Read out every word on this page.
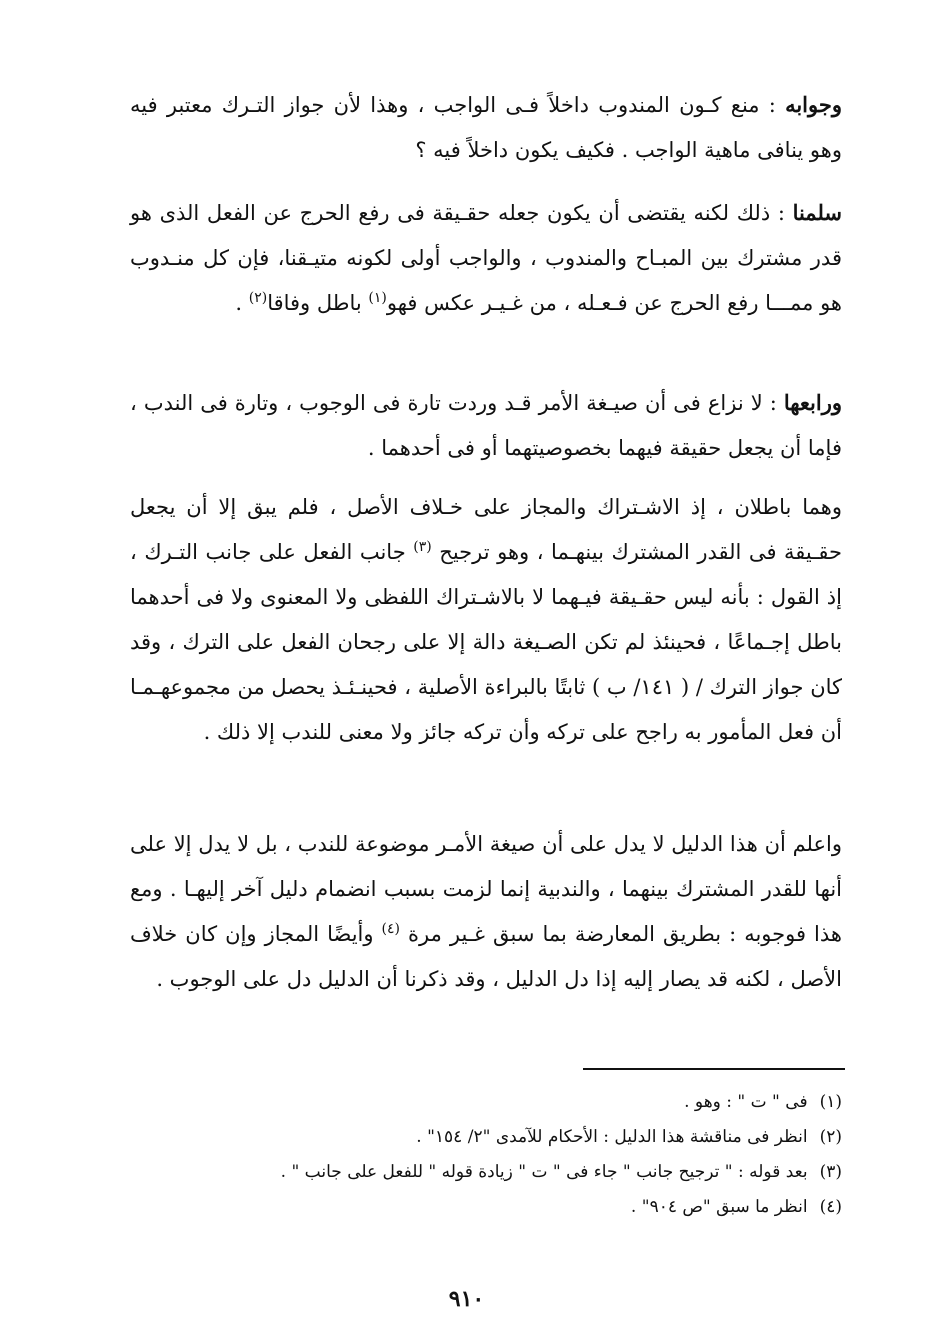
وجوابه : منع كـون المندوب داخلاً فـى الواجب ، وهذا لأن جواز التـرك معتبر فيه وهو ينافى ماهية الواجب . فكيف يكون داخلاً فيه ؟

سلمنا : ذلك لكنه يقتضى أن يكون جعله حقـيقة فى رفع الحرج عن الفعل الذى هو قدر مشترك بين المبـاح والمندوب ، والواجب أولى لكونه متيـقنا، فإن كل منـدوب هو ممـــا رفع الحرج عن فـعـله ، من غـيـر عكس فهو$^{(١)}$ باطل وفاقا$^{(٢)}$ .

ورابعها : لا نزاع فى أن صيـغة الأمر قـد وردت تارة فى الوجوب ، وتارة فى الندب ، فإما أن يجعل حقيقة فيهما بخصوصيتهما أو فى أحدهما .

وهما باطلان ، إذ الاشـتراك والمجاز على خـلاف الأصل ، فلم يبق إلا أن يجعل حقـيقة فى القدر المشترك بينهـما ، وهو ترجيح $^{(٣)}$ جانب الفعل على جانب التـرك ، إذ القول : بأنه ليس حقـيقة فيـهما لا بالاشـتراك اللفظى ولا المعنوى ولا فى أحدهما باطل إجـماعًا ، فحينئذ لم تكن الصـيغة دالة إلا على رجحان الفعل على الترك ، وقد كان جواز الترك / ( ١٤١/ ب ) ثابتًا بالبراءة الأصلية ، فحينـئـذ يحصل من مجموعهـمـا أن فعل المأمور به راجح على تركه وأن تركه جائز ولا معنى للندب إلا ذلك .

واعلم أن هذا الدليل لا يدل على أن صيغة الأمـر موضوعة للندب ، بل لا يدل إلا على أنها للقدر المشترك بينهما ، والندبية إنما لزمت بسبب انضمام دليل آخر إليهـا . ومع هذا فوجوبه : بطريق المعارضة بما سبق غـير مرة $^{(٤)}$ وأيضًا المجاز وإن كان خلاف الأصل ، لكنه قد يصار إليه إذا دل الدليل ، وقد ذكرنا أن الدليل دل على الوجوب .

(١)فى " ت " : وهو .

(٢)انظر فى مناقشة هذا الدليل : الأحكام للآمدى "٢/ ١٥٤" .

(٣)بعد قوله : " ترجيح جانب " جاء فى " ت " زيادة قوله " للفعل على جانب " .

(٤)انظر ما سبق "ص ٩٠٤" .

٩١٠
